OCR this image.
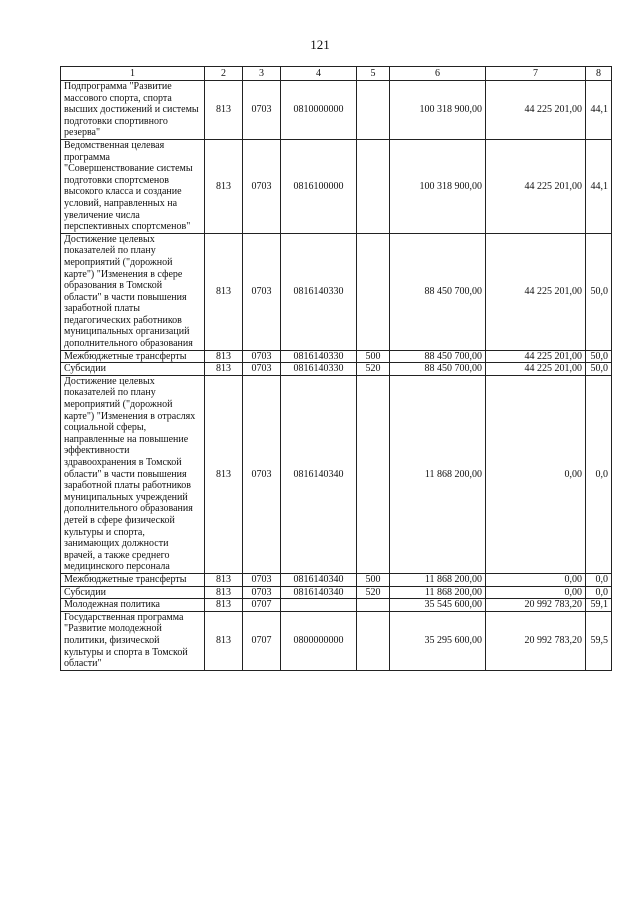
121
1	2	3	4	5	6	7	8
Подпрограмма "Развитие массового спорта, спорта высших достижений и системы подготовки спортивного резерва"	813	0703	0810000000		100 318 900,00	44 225 201,00	44,1
Ведомственная целевая программа "Совершенствование системы подготовки спортсменов высокого класса и создание условий, направленных на увеличение числа перспективных спортсменов"	813	0703	0816100000		100 318 900,00	44 225 201,00	44,1
Достижение целевых показателей по плану мероприятий ("дорожной карте") "Изменения в сфере образования в Томской области" в части повышения заработной платы педагогических работников муниципальных организаций дополнительного образования	813	0703	0816140330		88 450 700,00	44 225 201,00	50,0
Межбюджетные трансферты	813	0703	0816140330	500	88 450 700,00	44 225 201,00	50,0
Субсидии	813	0703	0816140330	520	88 450 700,00	44 225 201,00	50,0
Достижение целевых показателей по плану мероприятий ("дорожной карте") "Изменения в отраслях социальной сферы, направленные на повышение эффективности здравоохранения в Томской области" в части повышения заработной платы работников муниципальных учреждений дополнительного образования детей в сфере физической культуры и спорта, занимающих должности врачей, а также среднего медицинского персонала	813	0703	0816140340		11 868 200,00	0,00	0,0
Межбюджетные трансферты	813	0703	0816140340	500	11 868 200,00	0,00	0,0
Субсидии	813	0703	0816140340	520	11 868 200,00	0,00	0,0
Молодежная политика	813	0707			35 545 600,00	20 992 783,20	59,1
Государственная программа "Развитие молодежной политики, физической культуры и спорта в Томской области"	813	0707	0800000000		35 295 600,00	20 992 783,20	59,5
